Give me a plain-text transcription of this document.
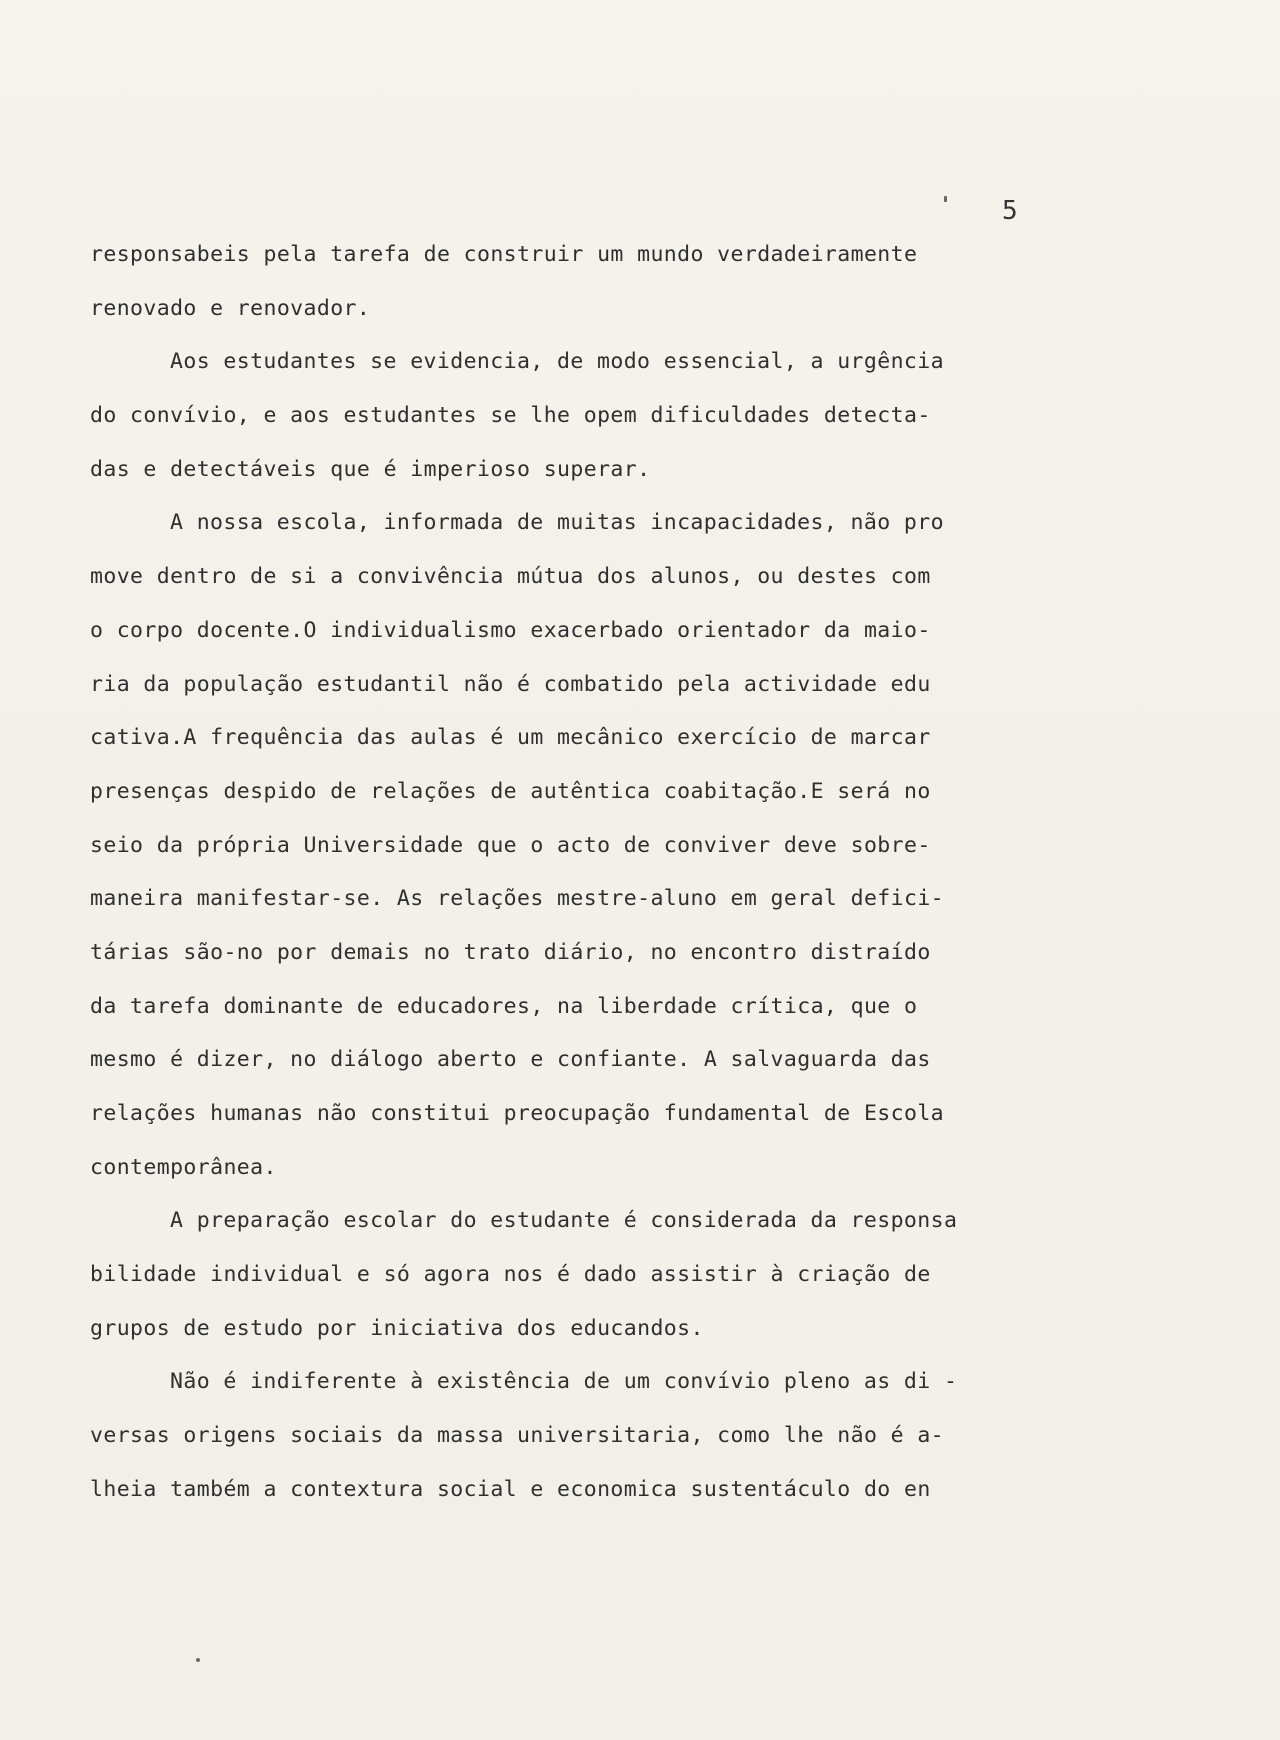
5
responsabeis pela tarefa de construir um mundo verdadeiramente
renovado e renovador.
Aos estudantes se evidencia, de modo essencial, a urgência
do convívio, e aos estudantes se lhe opem dificuldades detecta-
das e detectáveis que é imperioso superar.
A nossa escola, informada de muitas incapacidades, não pro
move dentro de si a convivência mútua dos alunos, ou destes com
o corpo docente.O individualismo exacerbado orientador da maio-
ria da população estudantil não é combatido pela actividade edu
cativa.A frequência das aulas é um mecânico exercício de marcar
presenças despido de relações de autêntica coabitação.E será no
seio da própria Universidade que o acto de conviver deve sobre-
maneira manifestar-se. As relações mestre-aluno em geral defici-
tárias são-no por demais no trato diário, no encontro distraído
da tarefa dominante de educadores, na liberdade crítica, que o
mesmo é dizer, no diálogo aberto e confiante. A salvaguarda das
relações humanas não constitui preocupação fundamental de Escola
contemporânea.
A preparação escolar do estudante é considerada da responsa
bilidade individual e só agora nos é dado assistir à criação de
grupos de estudo por iniciativa dos educandos.
Não é indiferente à existência de um convívio pleno as di -
versas origens sociais da massa universitaria, como lhe não é a-
lheia também a contextura social e economica sustentáculo do en
